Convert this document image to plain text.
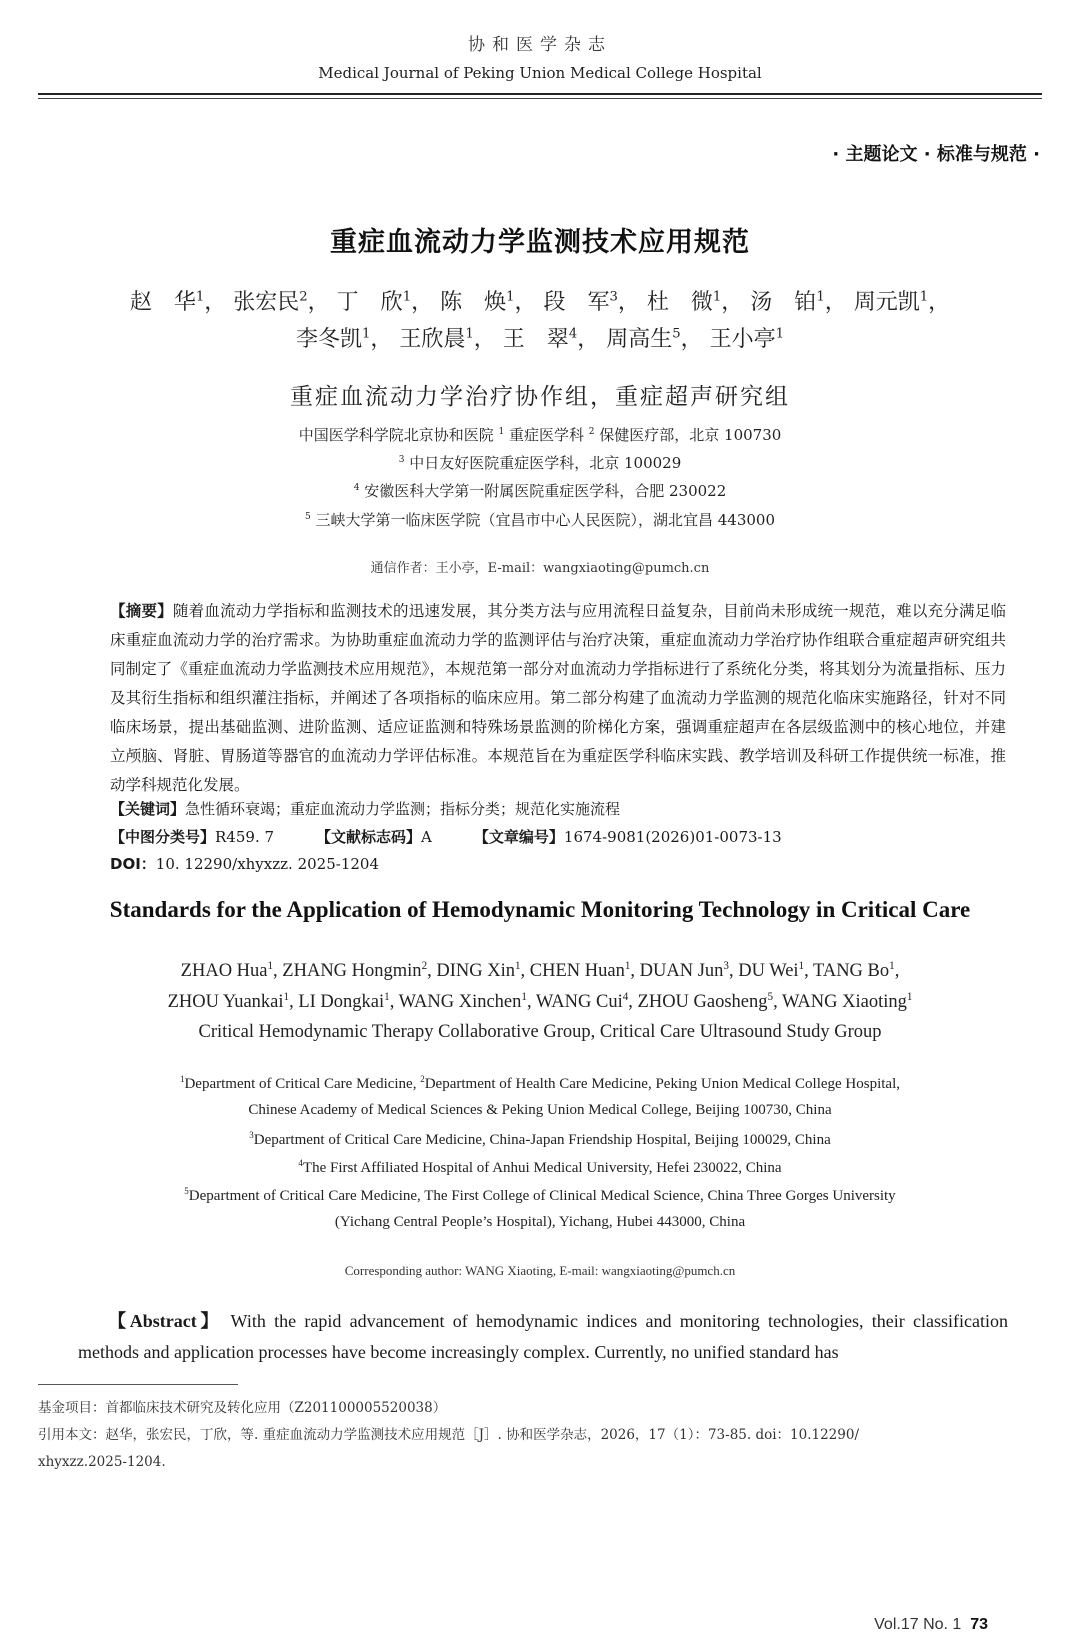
协和医学杂志
Medical Journal of Peking Union Medical College Hospital
· 主题论文 · 标准与规范 ·
重症血流动力学监测技术应用规范
赵　华$^1$， 张宏民$^2$， 丁　欣$^1$， 陈　焕$^1$， 段　军$^3$， 杜　微$^1$， 汤　铂$^1$， 周元凯$^1$，
李冬凯$^1$， 王欣晨$^1$， 王　翠$^4$， 周高生$^5$， 王小亭$^1$
重症血流动力学治疗协作组，重症超声研究组
中国医学科学院北京协和医院 $^1$ 重症医学科 $^2$ 保健医疗部，北京 100730
$^3$ 中日友好医院重症医学科，北京 100029
$^4$ 安徽医科大学第一附属医院重症医学科，合肥 230022
$^5$ 三峡大学第一临床医学院（宜昌市中心人民医院），湖北宜昌 443000
通信作者：王小亭，E-mail：wangxiaoting@pumch.cn
【摘要】随着血流动力学指标和监测技术的迅速发展，其分类方法与应用流程日益复杂，目前尚未形成统一规范，难以充分满足临床重症血流动力学的治疗需求。为协助重症血流动力学的监测评估与治疗决策，重症血流动力学治疗协作组联合重症超声研究组共同制定了《重症血流动力学监测技术应用规范》，本规范第一部分对血流动力学指标进行了系统化分类，将其划分为流量指标、压力及其衍生指标和组织灌注指标，并阐述了各项指标的临床应用。第二部分构建了血流动力学监测的规范化临床实施路径，针对不同临床场景，提出基础监测、进阶监测、适应证监测和特殊场景监测的阶梯化方案，强调重症超声在各层级监测中的核心地位，并建立颅脑、肾脏、胃肠道等器官的血流动力学评估标准。本规范旨在为重症医学科临床实践、教学培训及科研工作提供统一标准，推动学科规范化发展。
【关键词】急性循环衰竭；重症血流动力学监测；指标分类；规范化实施流程
【中图分类号】R459. 7	【文献标志码】A	【文章编号】1674-9081(2026)01-0073-13
DOI：10. 12290/xhyxzz. 2025-1204
Standards for the Application of Hemodynamic Monitoring Technology in Critical Care
ZHAO Hua$^1$, ZHANG Hongmin$^2$, DING Xin$^1$, CHEN Huan$^1$, DUAN Jun$^3$, DU Wei$^1$, TANG Bo$^1$,
ZHOU Yuankai$^1$, LI Dongkai$^1$, WANG Xinchen$^1$, WANG Cui$^4$, ZHOU Gaosheng$^5$, WANG Xiaoting$^1$
Critical Hemodynamic Therapy Collaborative Group, Critical Care Ultrasound Study Group
$^1$Department of Critical Care Medicine, $^2$Department of Health Care Medicine, Peking Union Medical College Hospital,
Chinese Academy of Medical Sciences & Peking Union Medical College, Beijing 100730, China
$^3$Department of Critical Care Medicine, China-Japan Friendship Hospital, Beijing 100029, China
$^4$The First Affiliated Hospital of Anhui Medical University, Hefei 230022, China
$^5$Department of Critical Care Medicine, The First College of Clinical Medical Science, China Three Gorges University
(Yichang Central People’s Hospital), Yichang, Hubei 443000, China
Corresponding author: WANG Xiaoting, E-mail: wangxiaoting@pumch.cn
【Abstract】 With the rapid advancement of hemodynamic indices and monitoring technologies, their classification methods and application processes have become increasingly complex. Currently, no unified standard has
基金项目：首都临床技术研究及转化应用（Z201100005520038）
引用本文：赵华，张宏民，丁欣，等. 重症血流动力学监测技术应用规范［J］. 协和医学杂志，2026，17（1）：73-85. doi：10.12290/
xhyxzz.2025-1204.
Vol.17 No. 1 73
